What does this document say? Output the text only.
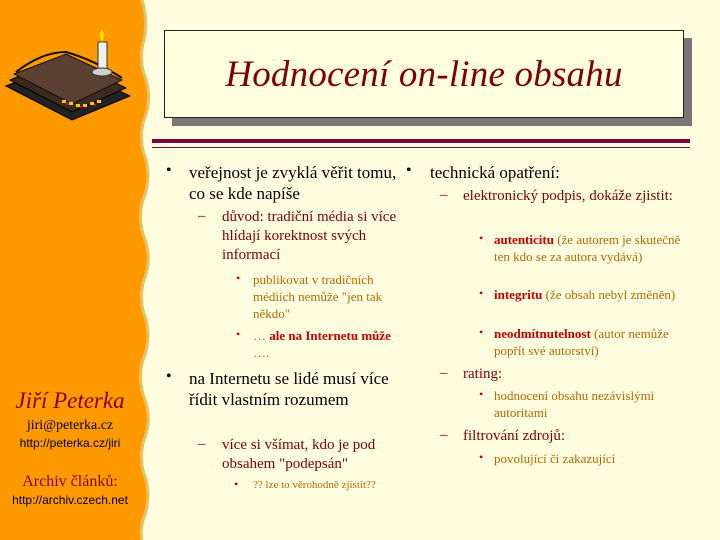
Jiří Peterka
jiri@peterka.cz
http://peterka.cz/jiri
Archiv článků:
http://archiv.czech.net
Hodnocení on-line obsahu
• veřejnost je zvyklá věřit tomu, co se kde napíše
– důvod: tradiční média si více hlídají korektnost svých informací
• publikovat v tradičních médiích nemůže "jen tak někdo"
• … ale na Internetu může ….
• na Internetu se lidé musí více řídit vlastním rozumem
– více si všímat, kdo je pod obsahem "podepsán"
• ?? lze to věrohodně zjistit??
• technická opatření:
– elektronický podpis, dokáže zjistit:
• autenticitu (že autorem je skutečně ten kdo se za autora vydává)
• integritu (že obsah nebyl změněn)
• neodmítnutelnost (autor nemůže popřít své autorství)
– rating:
• hodnocení obsahu nezávislými autoritami
– filtrování zdrojů:
• povolující či zakazující
